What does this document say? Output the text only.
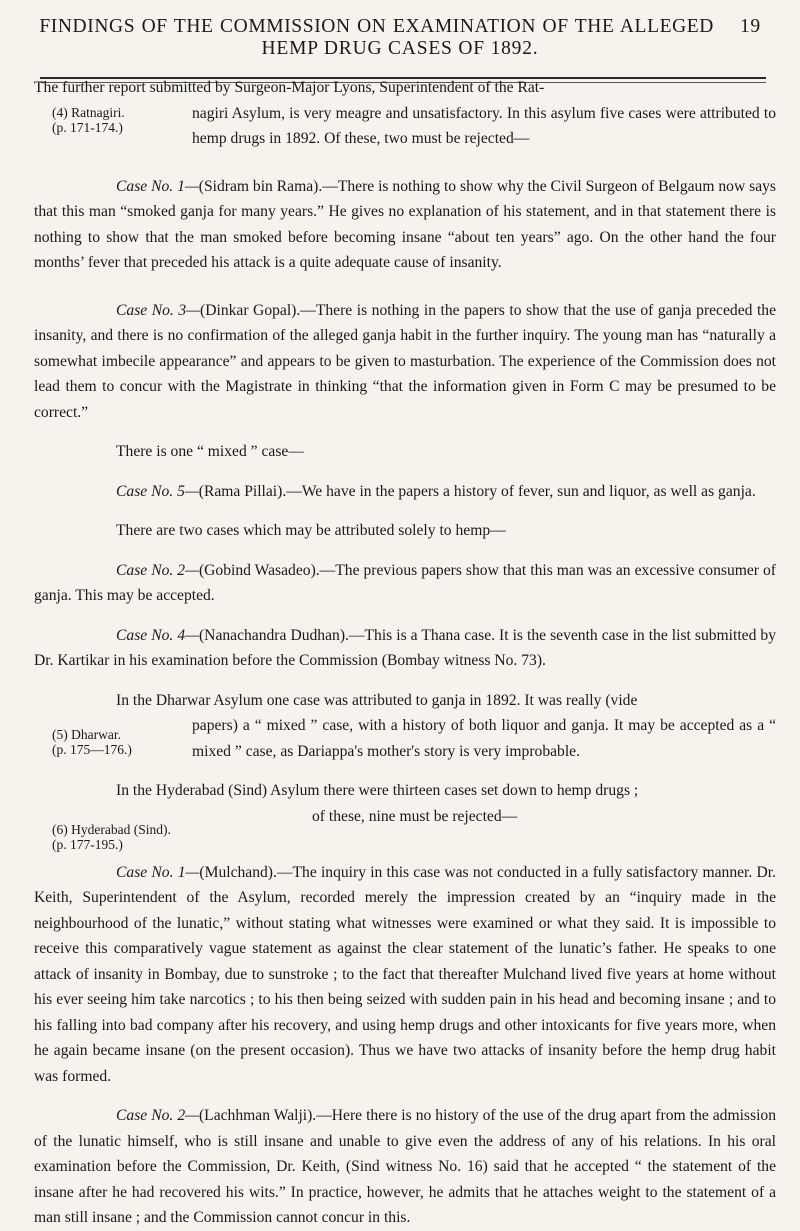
FINDINGS OF THE COMMISSION ON EXAMINATION OF THE ALLEGED 19
HEMP DRUG CASES OF 1892.

The further report submitted by Surgeon-Major Lyons, Superintendent of the Rat-

(4) Ratnagiri.
(p. 171-174.)

nagiri Asylum, is very meagre and unsatisfactory. In this asylum five cases were attributed to hemp drugs in 1892. Of these, two must be rejected—

Case No. 1—(Sidram bin Rama).—There is nothing to show why the Civil Surgeon of Belgaum now says that this man “smoked ganja for many years.” He gives no explanation of his statement, and in that statement there is nothing to show that the man smoked before becoming insane “about ten years” ago. On the other hand the four months’ fever that preceded his attack is a quite adequate cause of insanity.

Case No. 3—(Dinkar Gopal).—There is nothing in the papers to show that the use of ganja preceded the insanity, and there is no confirmation of the alleged ganja habit in the further inquiry. The young man has “naturally a somewhat imbecile appearance” and appears to be given to masturbation. The experience of the Commission does not lead them to concur with the Magistrate in thinking “that the information given in Form C may be presumed to be correct.”

There is one “ mixed ” case—

Case No. 5—(Rama Pillai).—We have in the papers a history of fever, sun and liquor, as well as ganja.

There are two cases which may be attributed solely to hemp—

Case No. 2—(Gobind Wasadeo).—The previous papers show that this man was an excessive consumer of ganja. This may be accepted.

Case No. 4—(Nanachandra Dudhan).—This is a Thana case. It is the seventh case in the list submitted by Dr. Kartikar in his examination before the Commission (Bombay witness No. 73).

In the Dharwar Asylum one case was attributed to ganja in 1892. It was really (vide

(5) Dharwar.
(p. 175—176.)

papers) a “ mixed ” case, with a history of both liquor and ganja. It may be accepted as a “ mixed ” case, as Dariappa's mother's story is very improbable.

In the Hyderabad (Sind) Asylum there were thirteen cases set down to hemp drugs ;

(6) Hyderabad (Sind).
(p. 177-195.)

of these, nine must be rejected—

Case No. 1—(Mulchand).—The inquiry in this case was not conducted in a fully satisfactory manner. Dr. Keith, Superintendent of the Asylum, recorded merely the impression created by an “inquiry made in the neighbourhood of the lunatic,” without stating what witnesses were examined or what they said. It is impossible to receive this comparatively vague statement as against the clear statement of the lunatic’s father. He speaks to one attack of insanity in Bombay, due to sunstroke ; to the fact that thereafter Mulchand lived five years at home without his ever seeing him take narcotics ; to his then being seized with sudden pain in his head and becoming insane ; and to his falling into bad company after his recovery, and using hemp drugs and other intoxicants for five years more, when he again became insane (on the present occasion). Thus we have two attacks of insanity before the hemp drug habit was formed.

Case No. 2—(Lachhman Walji).—Here there is no history of the use of the drug apart from the admission of the lunatic himself, who is still insane and unable to give even the address of any of his relations. In his oral examination before the Commission, Dr. Keith, (Sind witness No. 16) said that he accepted “ the statement of the insane after he had recovered his wits.” In practice, however, he admits that he attaches weight to the statement of a man still insane ; and the Commission cannot concur in this.
